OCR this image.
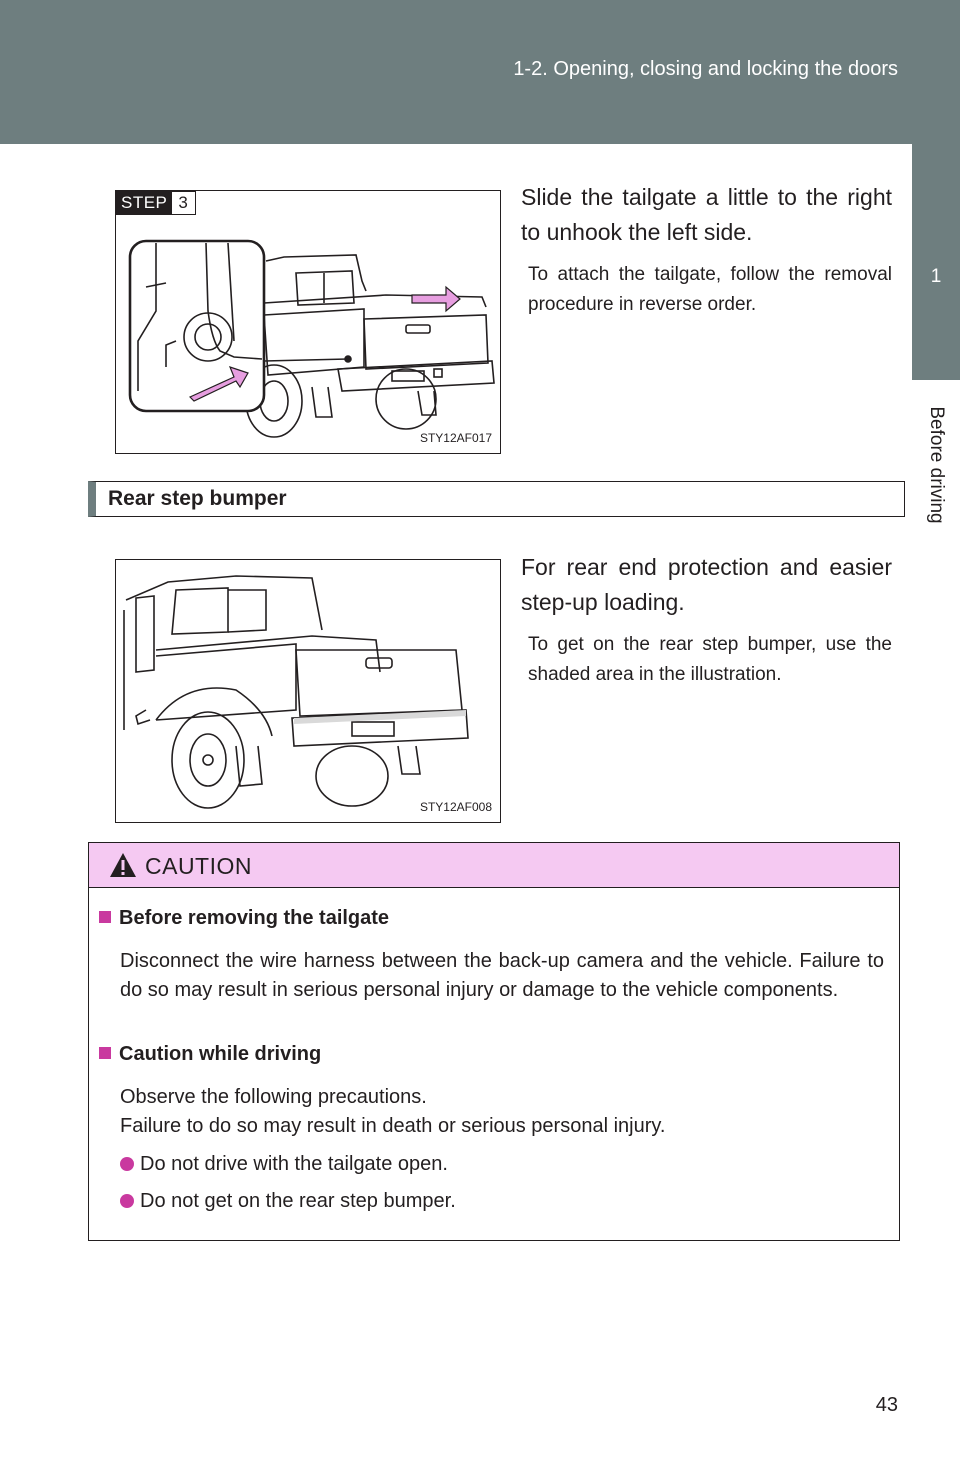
1-2. Opening, closing and locking the doors
1
Before driving
STEP 3
STY12AF017
Slide the tailgate a little to the right to unhook the left side.
To attach the tailgate, follow the removal procedure in reverse order.
Rear step bumper
STY12AF008
For rear end protection and easier step-up loading.
To get on the rear step bumper, use the shaded area in the illustration.
CAUTION
Before removing the tailgate
Disconnect the wire harness between the back-up camera and the vehicle. Failure to do so may result in serious personal injury or damage to the vehicle components.
Caution while driving
Observe the following precautions.
Failure to do so may result in death or serious personal injury.
Do not drive with the tailgate open.
Do not get on the rear step bumper.
43
